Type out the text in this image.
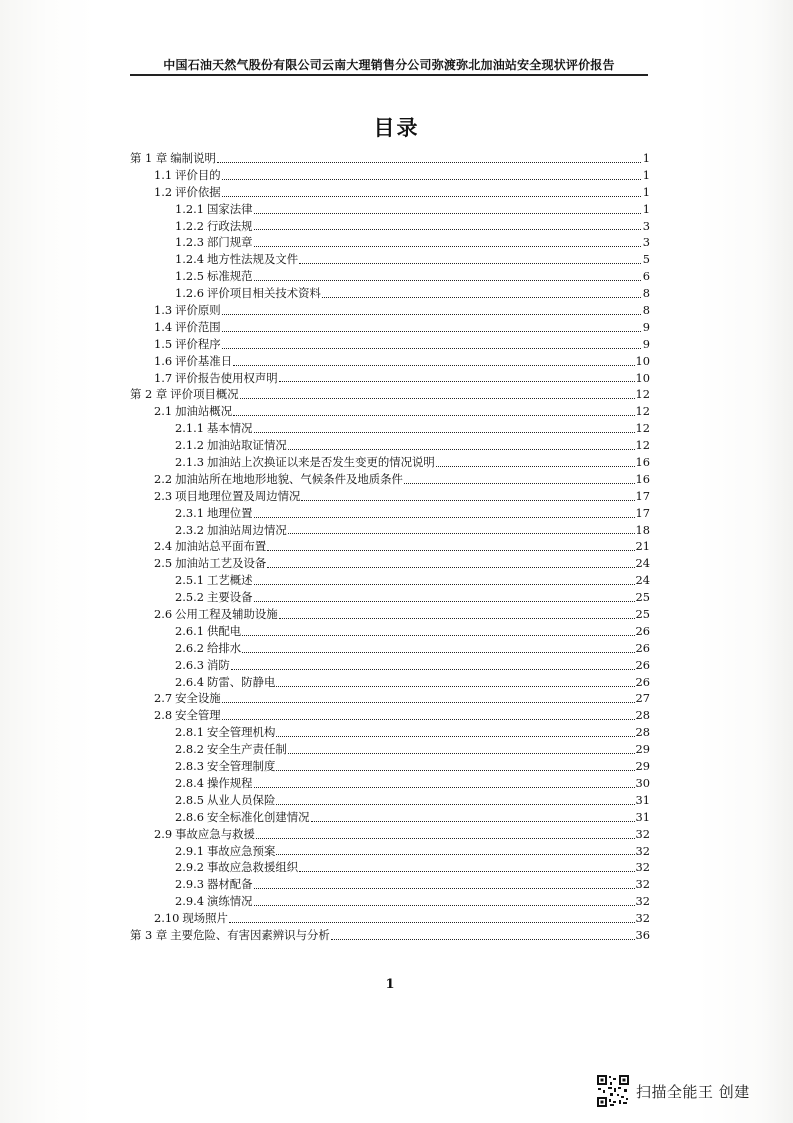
中国石油天然气股份有限公司云南大理销售分公司弥渡弥北加油站安全现状评价报告
目录
第 1 章 编制说明	1
1.1 评价目的	1
1.2 评价依据	1
1.2.1 国家法律	1
1.2.2 行政法规	3
1.2.3 部门规章	3
1.2.4 地方性法规及文件	5
1.2.5 标准规范	6
1.2.6 评价项目相关技术资料	8
1.3 评价原则	8
1.4 评价范围	9
1.5 评价程序	9
1.6 评价基准日	10
1.7 评价报告使用权声明	10
第 2 章 评价项目概况	12
2.1 加油站概况	12
2.1.1 基本情况	12
2.1.2 加油站取证情况	12
2.1.3 加油站上次换证以来是否发生变更的情况说明	16
2.2 加油站所在地地形地貌、气候条件及地质条件	16
2.3 项目地理位置及周边情况	17
2.3.1 地理位置	17
2.3.2 加油站周边情况	18
2.4 加油站总平面布置	21
2.5 加油站工艺及设备	24
2.5.1 工艺概述	24
2.5.2 主要设备	25
2.6 公用工程及辅助设施	25
2.6.1 供配电	26
2.6.2 给排水	26
2.6.3 消防	26
2.6.4 防雷、防静电	26
2.7 安全设施	27
2.8 安全管理	28
2.8.1 安全管理机构	28
2.8.2 安全生产责任制	29
2.8.3 安全管理制度	29
2.8.4 操作规程	30
2.8.5 从业人员保险	31
2.8.6 安全标准化创建情况	31
2.9 事故应急与救援	32
2.9.1 事故应急预案	32
2.9.2 事故应急救援组织	32
2.9.3 器材配备	32
2.9.4 演练情况	32
2.10 现场照片	32
第 3 章 主要危险、有害因素辨识与分析	36
1
扫描全能王 创建
